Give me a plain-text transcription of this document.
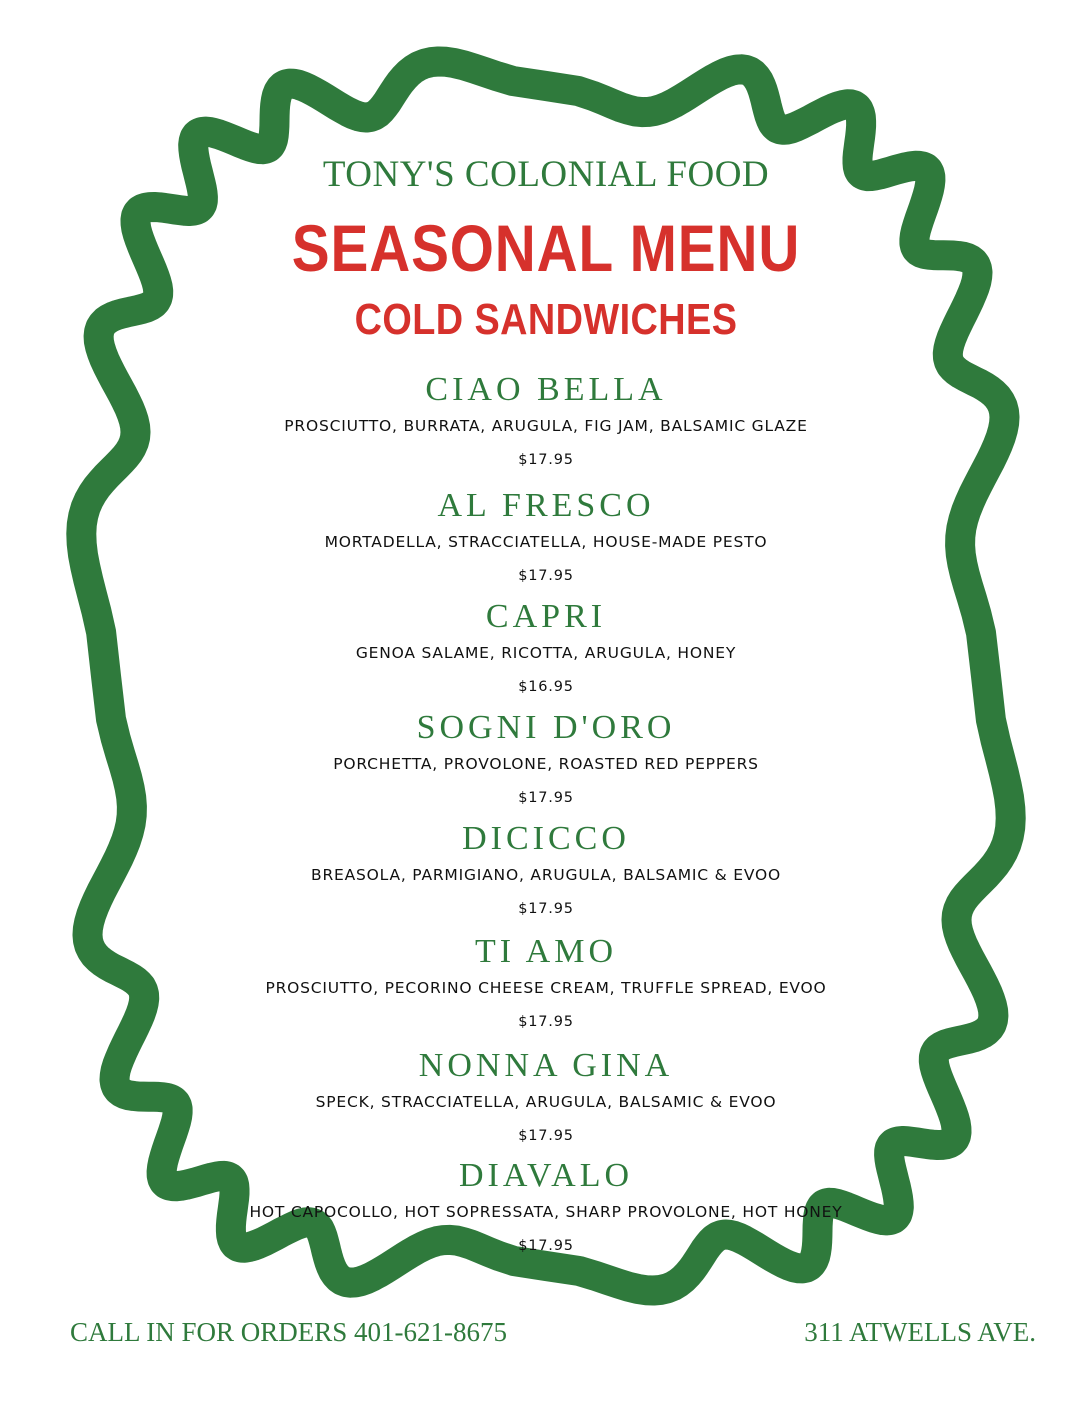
TONY'S COLONIAL FOOD
SEASONAL MENU
COLD SANDWICHES
CIAO BELLA
PROSCIUTTO, BURRATA, ARUGULA, FIG JAM, BALSAMIC GLAZE
$17.95
AL FRESCO
MORTADELLA, STRACCIATELLA, HOUSE-MADE PESTO
$17.95
CAPRI
GENOA SALAME, RICOTTA, ARUGULA, HONEY
$16.95
SOGNI D'ORO
PORCHETTA, PROVOLONE, ROASTED RED PEPPERS
$17.95
DICICCO
BREASOLA, PARMIGIANO, ARUGULA, BALSAMIC & EVOO
$17.95
TI AMO
PROSCIUTTO, PECORINO CHEESE CREAM, TRUFFLE SPREAD, EVOO
$17.95
NONNA GINA
SPECK, STRACCIATELLA, ARUGULA, BALSAMIC & EVOO
$17.95
DIAVALO
HOT CAPOCOLLO, HOT SOPRESSATA, SHARP PROVOLONE, HOT HONEY
$17.95
CALL IN FOR ORDERS 401-621-8675	311 ATWELLS AVE.
